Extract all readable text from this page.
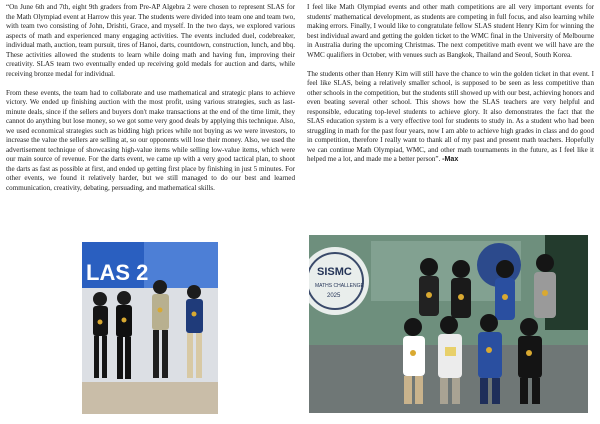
“On June 6th and 7th, eight 9th graders from Pre-AP Algebra 2 were chosen to represent SLAS for the Math Olympiad event at Harrow this year. The students were divided into team one and team two, with team two consisting of John, Drishti, Grace, and myself. In the two days, we explored various aspects of math and experienced many engaging activities. The events included duel, codebreaker, individual math, auction, team pursuit, tires of Hanoi, darts, countdown, construction, lunch, and bbq. These activities allowed the students to learn while doing math and having fun, improving their creativity. SLAS team two eventually ended up receiving gold medals for auction and darts, while receiving bronze medal for individual.

From these events, the team had to collaborate and use mathematical and strategic plans to achieve victory. We ended up finishing auction with the most profit, using various strategies, such as last-minute deals, since if the sellers and buyers don't make transactions at the end of the time limit, they cannot do anything but lose money, so we got some very good deals by applying this technique. Also, we used economical strategies such as bidding high prices while not buying as we were investors, to increase the value the sellers are selling at, so our opponents will lose their money. Also, we used the advertisement technique of showcasing high-value items while selling low-value items, which were our main source of revenue. For the darts event, we came up with a very good tactical plan, to shoot the darts as fast as possible at first, and ended up getting first place by finishing in just 5 minutes. For other events, we found it relatively harder, but we still managed to do our best and learned communication, creativity, debating, persuading, and mathematical skills.

I feel like Math Olympiad events and other math competitions are all very important events for students' mathematical development, as students are competing in full focus, and also learning while making errors. Finally, I would like to congratulate fellow SLAS student Henry Kim for winning the best individual award and getting the golden ticket to the WMC final in the University of Melbourne in Australia during the upcoming Christmas. The next competitive math event we will have are the WMC qualifiers in October, with venues such as Bangkok, Thailand and Seoul, South Korea.

The students other than Henry Kim will still have the chance to win the golden ticket in that event. I feel like SLAS, being a relatively smaller school, is supposed to be seen as less competitive than other schools in the competition, but the students still showed up with our best, achieving honors and even beating several other school. This shows how the SLAS teachers are very helpful and responsible, educating top-level students to achieve glory. It also demonstrates the fact that the SLAS education system is a very effective tool for students to study in. As a student who had been struggling in math for the past four years, now I am able to achieve high grades in class and do good in competition, therefore I really want to thank all of my past and present math teachers. Hopefully we can continue Math Olympiad, WMC, and other math tournaments in the future, as I feel like it helped me a lot, and made me a better person”. -Max

LAS 2	SISMC
MATHS CHALLENGE
2025
